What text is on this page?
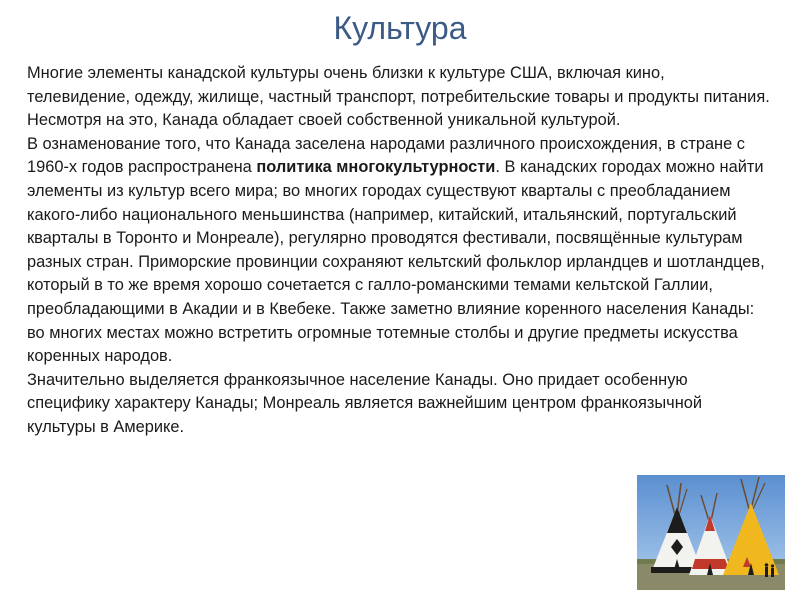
Культура

Многие элементы канадской культуры очень близки к культуре США, включая кино, телевидение, одежду, жилище, частный транспорт, потребительские товары и продукты питания. Несмотря на это, Канада обладает своей собственной уникальной культурой.

В ознаменование того, что Канада заселена народами различного происхождения, в стране с 1960-х годов распространена политика многокультурности. В канадских городах можно найти элементы из культур всего мира; во многих городах существуют кварталы с преобладанием какого-либо национального меньшинства (например, китайский, итальянский, португальский кварталы в Торонто и Монреале), регулярно проводятся фестивали, посвящённые культурам разных стран. Приморские провинции сохраняют кельтский фольклор ирландцев и шотландцев, который в то же время хорошо сочетается с галло-романскими темами кельтской Галлии, преобладающими в Акадии и в Квебеке. Также заметно влияние коренного населения Канады: во многих местах можно встретить огромные тотемные столбы и другие предметы искусства коренных народов.

Значительно выделяется франкоязычное население Канады. Оно придает особенную специфику характеру Канады; Монреаль является важнейшим центром франкоязычной культуры в Америке.
